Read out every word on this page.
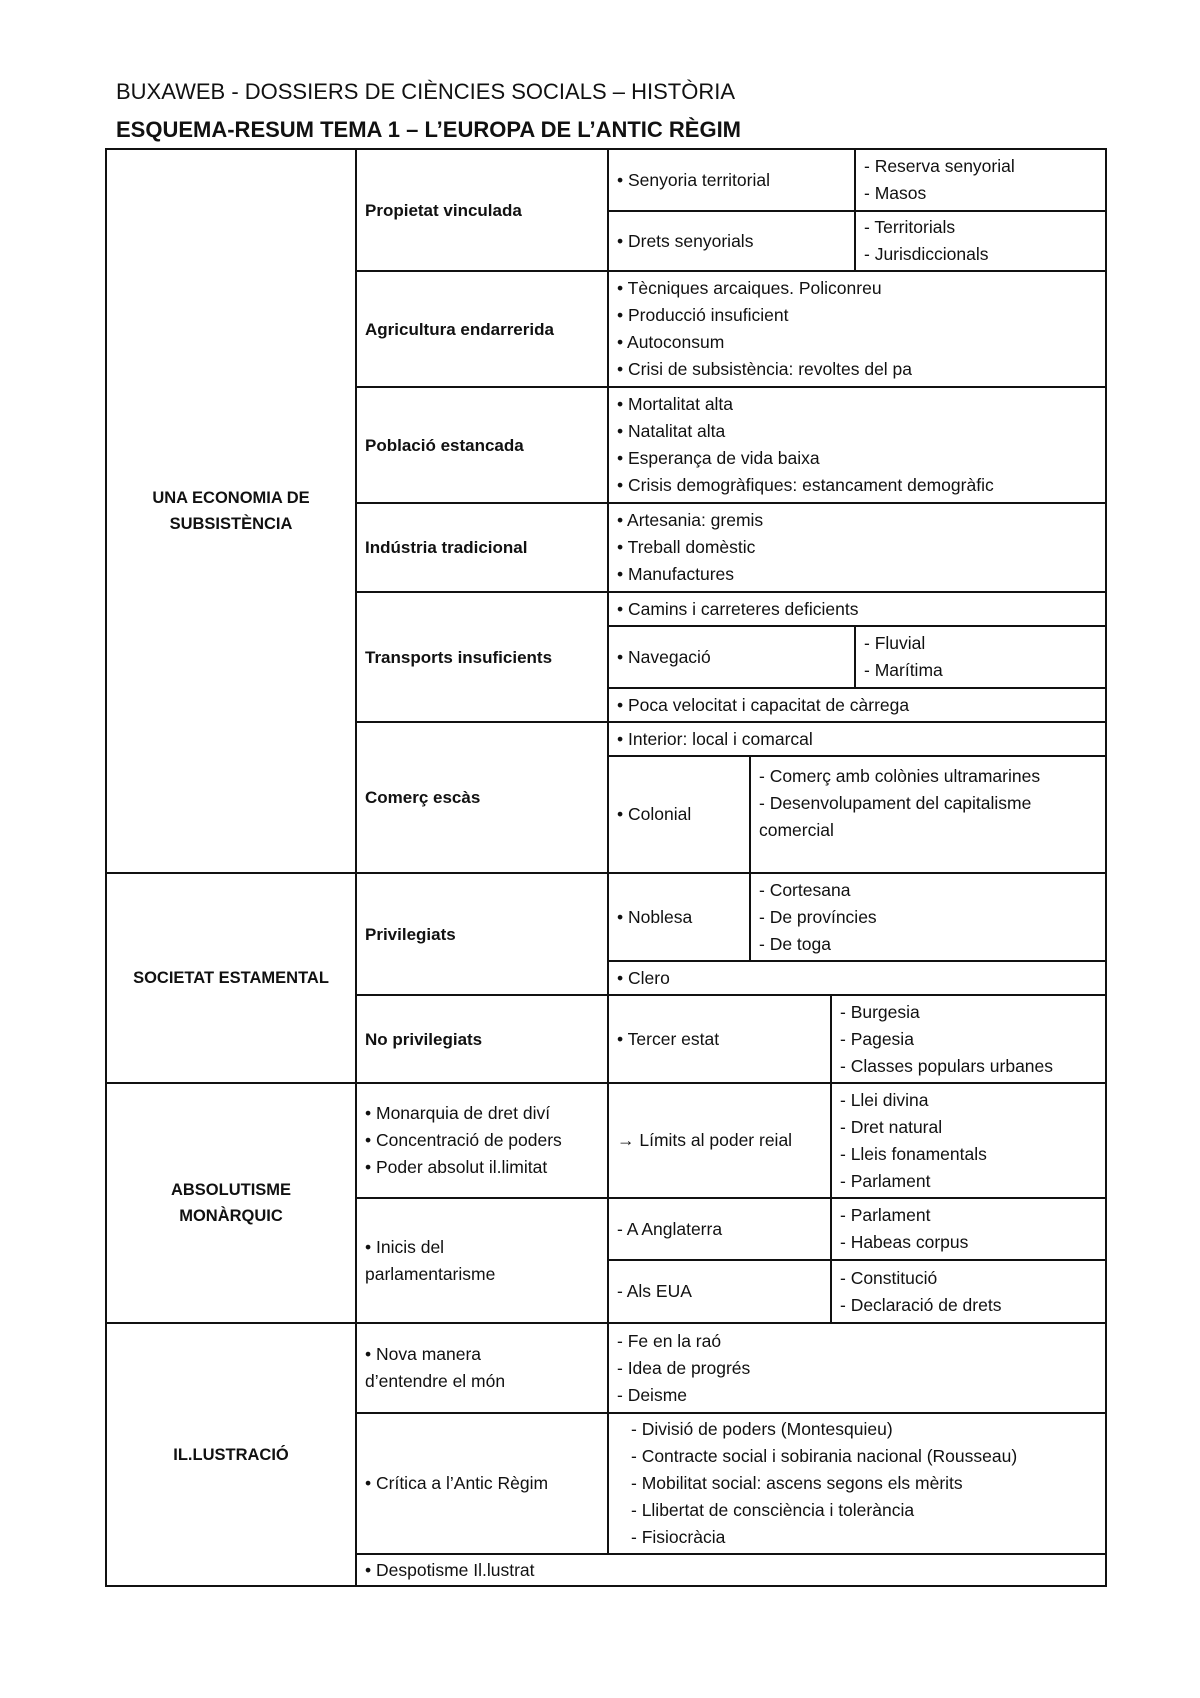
BUXAWEB - DOSSIERS DE CIÈNCIES SOCIALS – HISTÒRIA
ESQUEMA-RESUM TEMA 1 – L’EUROPA DE L’ANTIC RÈGIM
UNA ECONOMIA DE SUBSISTÈNCIA
Propietat vinculada
• Senyoria territorial
- Reserva senyorial
- Masos
• Drets senyorials
- Territorials
- Jurisdiccionals
Agricultura endarrerida
• Tècniques arcaiques. Policonreu
• Producció insuficient
• Autoconsum
• Crisi de subsistència: revoltes del pa
Població estancada
• Mortalitat alta
• Natalitat alta
• Esperança de vida baixa
• Crisis demogràfiques: estancament demogràfic
Indústria tradicional
• Artesania: gremis
• Treball domèstic
• Manufactures
Transports insuficients
• Camins i carreteres deficients
• Navegació
- Fluvial
- Marítima
• Poca velocitat i capacitat de càrrega
Comerç escàs
• Interior: local i comarcal
• Colonial
- Comerç amb colònies ultramarines
- Desenvolupament del capitalisme comercial
SOCIETAT ESTAMENTAL
Privilegiats
• Noblesa
- Cortesana
- De províncies
- De toga
• Clero
No privilegiats	• Tercer estat
- Burgesia
- Pagesia
- Classes populars urbanes
ABSOLUTISME MONÀRQUIC
• Monarquia de dret diví
• Concentració de poders
• Poder absolut il.limitat
→ Límits al poder reial
- Llei divina
- Dret natural
- Lleis fonamentals
- Parlament
• Inicis del parlamentarisme
- A Anglaterra
- Parlament
- Habeas corpus
- Als EUA
- Constitució
- Declaració de drets
IL.LUSTRACIÓ
• Nova manera d’entendre el món
- Fe en la raó
- Idea de progrés
- Deisme
• Crítica a l’Antic Règim
- Divisió de poders (Montesquieu)
- Contracte social i sobirania nacional (Rousseau)
- Mobilitat social: ascens segons els mèrits
- Llibertat de consciència i tolerància
- Fisiocràcia
• Despotisme Il.lustrat
